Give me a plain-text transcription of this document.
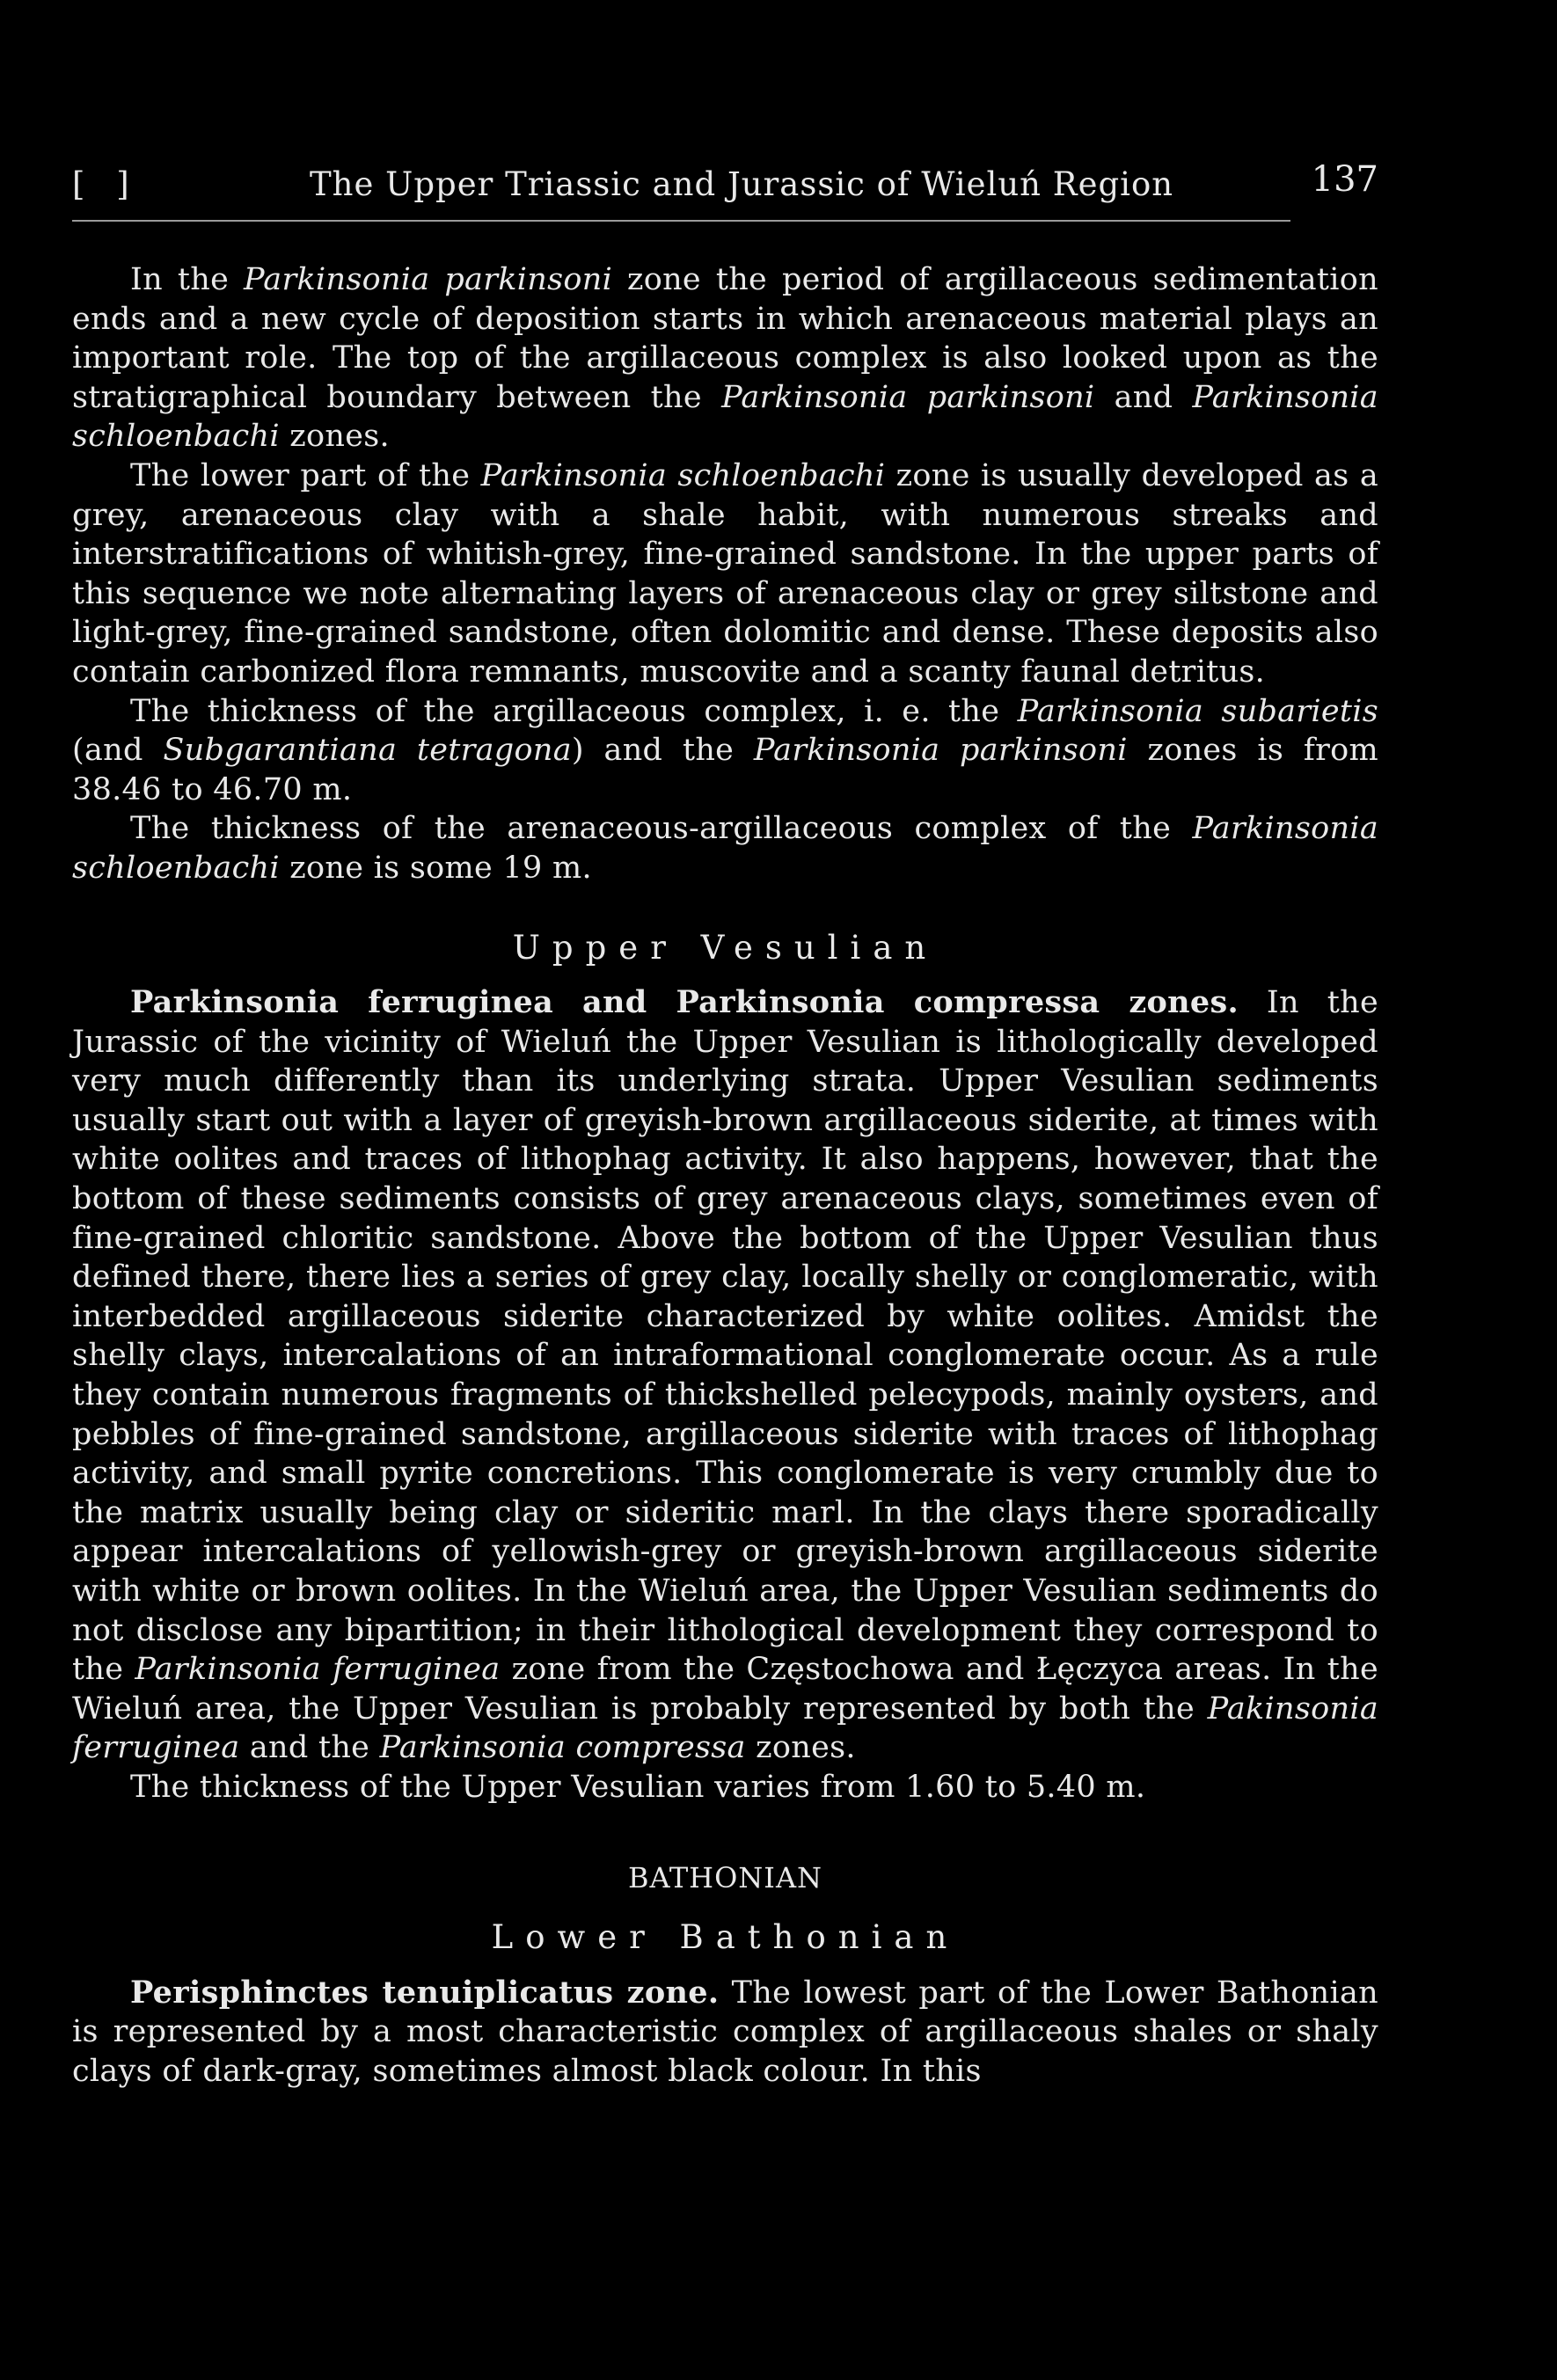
[ ]	The Upper Triassic and Jurassic of Wieluń Region	137

In the Parkinsonia parkinsoni zone the period of argillaceous sedimentation ends and a new cycle of deposition starts in which arenaceous material plays an important role. The top of the argillaceous complex is also looked upon as the stratigraphical boundary between the Parkinsonia parkinsoni and Parkinsonia schloenbachi zones.

The lower part of the Parkinsonia schloenbachi zone is usually developed as a grey, arenaceous clay with a shale habit, with numerous streaks and interstratifications of whitish-grey, fine-grained sandstone. In the upper parts of this sequence we note alternating layers of arenaceous clay or grey siltstone and light-grey, fine-grained sandstone, often dolomitic and dense. These deposits also contain carbonized flora remnants, muscovite and a scanty faunal detritus.

The thickness of the argillaceous complex, i. e. the Parkinsonia subarietis (and Subgarantiana tetragona) and the Parkinsonia parkinsoni zones is from 38.46 to 46.70 m.

The thickness of the arenaceous-argillaceous complex of the Parkinsonia schloenbachi zone is some 19 m.

Upper Vesulian

Parkinsonia ferruginea and Parkinsonia compressa zones. In the Jurassic of the vicinity of Wieluń the Upper Vesulian is lithologically developed very much differently than its underlying strata. Upper Vesulian sediments usually start out with a layer of greyish-brown argillaceous siderite, at times with white oolites and traces of lithophag activity. It also happens, however, that the bottom of these sediments consists of grey arenaceous clays, sometimes even of fine-grained chloritic sandstone. Above the bottom of the Upper Vesulian thus defined there, there lies a series of grey clay, locally shelly or conglomeratic, with interbedded argillaceous siderite characterized by white oolites. Amidst the shelly clays, intercalations of an intraformational conglomerate occur. As a rule they contain numerous fragments of thickshelled pelecypods, mainly oysters, and pebbles of fine-grained sandstone, argillaceous siderite with traces of lithophag activity, and small pyrite concretions. This conglomerate is very crumbly due to the matrix usually being clay or sideritic marl. In the clays there sporadically appear intercalations of yellowish-grey or greyish-brown argillaceous siderite with white or brown oolites. In the Wieluń area, the Upper Vesulian sediments do not disclose any bipartition; in their lithological development they correspond to the Parkinsonia ferruginea zone from the Częstochowa and Łęczyca areas. In the Wieluń area, the Upper Vesulian is probably represented by both the Pakinsonia ferruginea and the Parkinsonia compressa zones.

The thickness of the Upper Vesulian varies from 1.60 to 5.40 m.

BATHONIAN

Lower Bathonian

Perisphinctes tenuiplicatus zone. The lowest part of the Lower Bathonian is represented by a most characteristic complex of argillaceous shales or shaly clays of dark-gray, sometimes almost black colour. In this
